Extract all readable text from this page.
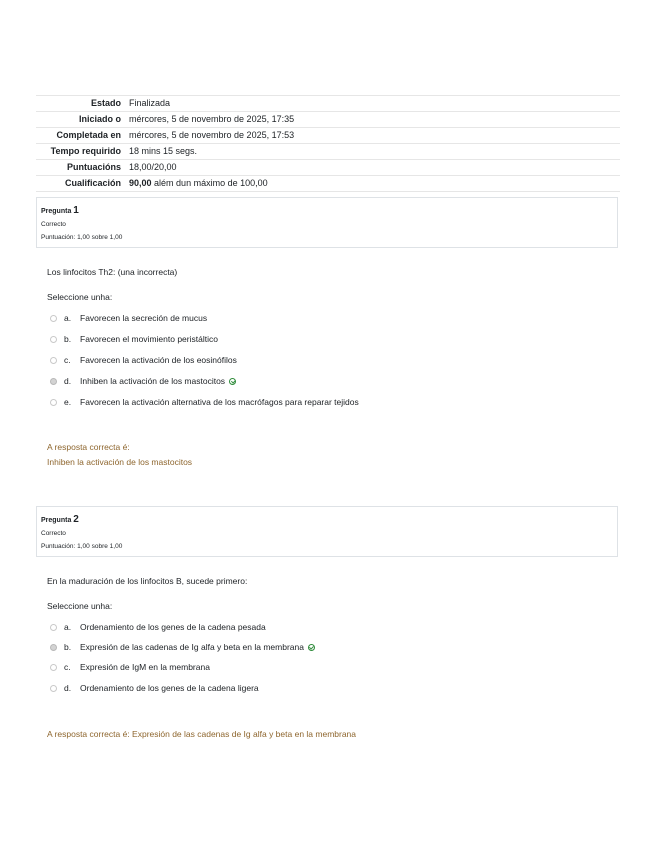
Estado	Finalizada
Iniciado o	mércores, 5 de novembro de 2025, 17:35
Completada en	mércores, 5 de novembro de 2025, 17:53
Tempo requirido	18 mins 15 segs.
Puntuacións	18,00/20,00
Cualificación	90,00 além dun máximo de 100,00
Pregunta 1
Correcto
Puntuación: 1,00 sobre 1,00
Los linfocitos Th2: (una incorrecta)
Seleccione unha:
a.	Favorecen la secreción de mucus
b.	Favorecen el movimiento peristáltico
c.	Favorecen la activación de los eosinófilos
d.	Inhiben la activación de los mastocitos
e.	Favorecen la activación alternativa de los macrófagos para reparar tejidos
A resposta correcta é:
Inhiben la activación de los mastocitos
Pregunta 2
Correcto
Puntuación: 1,00 sobre 1,00
En la maduración de los linfocitos B, sucede primero:
Seleccione unha:
a.	Ordenamiento de los genes de la cadena pesada
b.	Expresión de las cadenas de Ig alfa y beta en la membrana
c.	Expresión de IgM en la membrana
d.	Ordenamiento de los genes de la cadena ligera
A resposta correcta é: Expresión de las cadenas de Ig alfa y beta en la membrana
